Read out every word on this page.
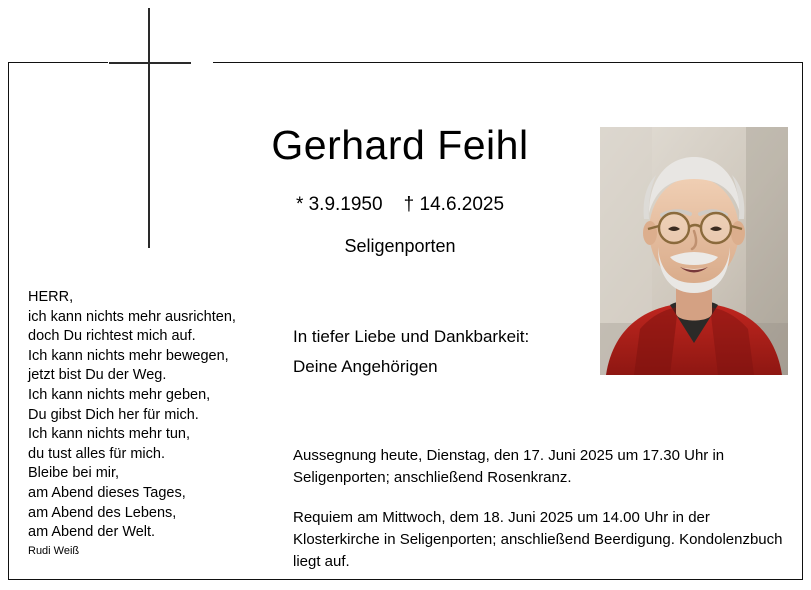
Gerhard Feihl
* 3.9.1950    † 14.6.2025
Seligenporten
HERR,
ich kann nichts mehr ausrichten,
doch Du richtest mich auf.
Ich kann nichts mehr bewegen,
jetzt bist Du der Weg.
Ich kann nichts mehr geben,
Du gibst Dich her für mich.
Ich kann nichts mehr tun,
du tust alles für mich.
Bleibe bei mir,
am Abend dieses Tages,
am Abend des Lebens,
am Abend der Welt.
Rudi Weiß
In tiefer Liebe und Dankbarkeit:
Deine Angehörigen

Aussegnung heute, Dienstag, den 17. Juni 2025 um 17.30 Uhr in Seligenporten; anschließend Rosenkranz.

Requiem am Mittwoch, dem 18. Juni 2025 um 14.00 Uhr in der Klosterkirche in Seligenporten; anschließend Beerdigung. Kondolenzbuch liegt auf.
